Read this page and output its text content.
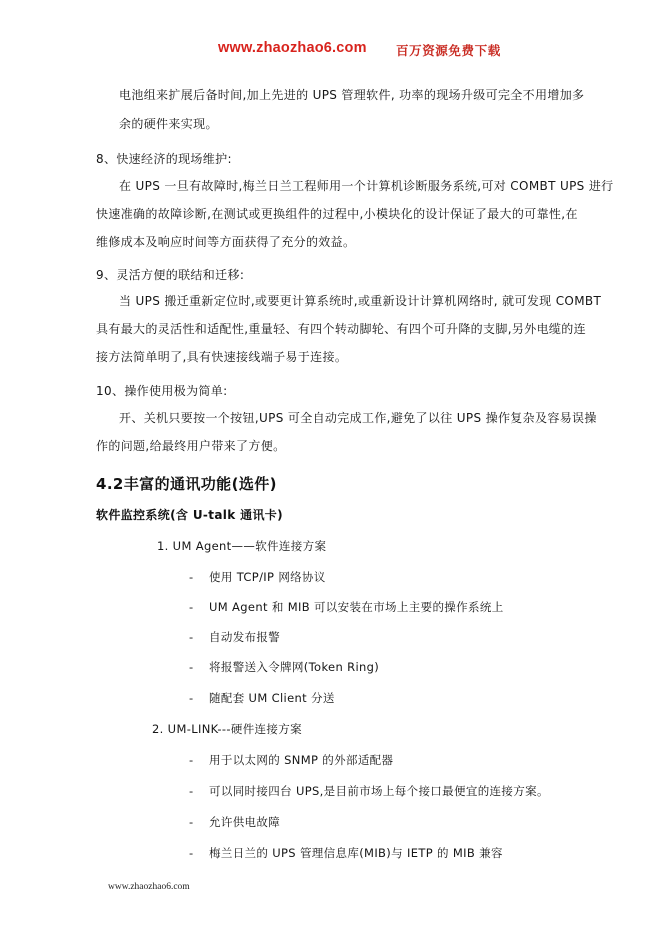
www.zhaozhao6.com 百万资源免费下载
电池组来扩展后备时间,加上先进的 UPS 管理软件, 功率的现场升级可完全不用增加多
余的硬件来实现。
8、快速经济的现场维护:
在 UPS 一旦有故障时,梅兰日兰工程师用一个计算机诊断服务系统,可对 COMBT UPS 进行
快速准确的故障诊断,在测试或更换组件的过程中,小模块化的设计保证了最大的可靠性,在
维修成本及响应时间等方面获得了充分的效益。
9、灵活方便的联结和迁移:
当 UPS 搬迁重新定位时,或要更计算系统时,或重新设计计算机网络时, 就可发现 COMBT
具有最大的灵活性和适配性,重量轻、有四个转动脚轮、有四个可升降的支脚,另外电缆的连
接方法简单明了,具有快速接线端子易于连接。
10、操作使用极为简单:
开、关机只要按一个按钮,UPS 可全自动完成工作,避免了以往 UPS 操作复杂及容易误操
作的问题,给最终用户带来了方便。
4.2丰富的通讯功能(选件)
软件监控系统(含 U-talk 通讯卡)
1. UM Agent——软件连接方案
- 使用 TCP/IP 网络协议
- UM Agent 和 MIB 可以安装在市场上主要的操作系统上
- 自动发布报警
- 将报警送入令牌网(Token Ring)
- 随配套 UM Client 分送
2. UM-LINK---硬件连接方案
- 用于以太网的 SNMP 的外部适配器
- 可以同时接四台 UPS,是目前市场上每个接口最便宜的连接方案。
- 允许供电故障
- 梅兰日兰的 UPS 管理信息库(MIB)与 IETP 的 MIB 兼容
www.zhaozhao6.com
